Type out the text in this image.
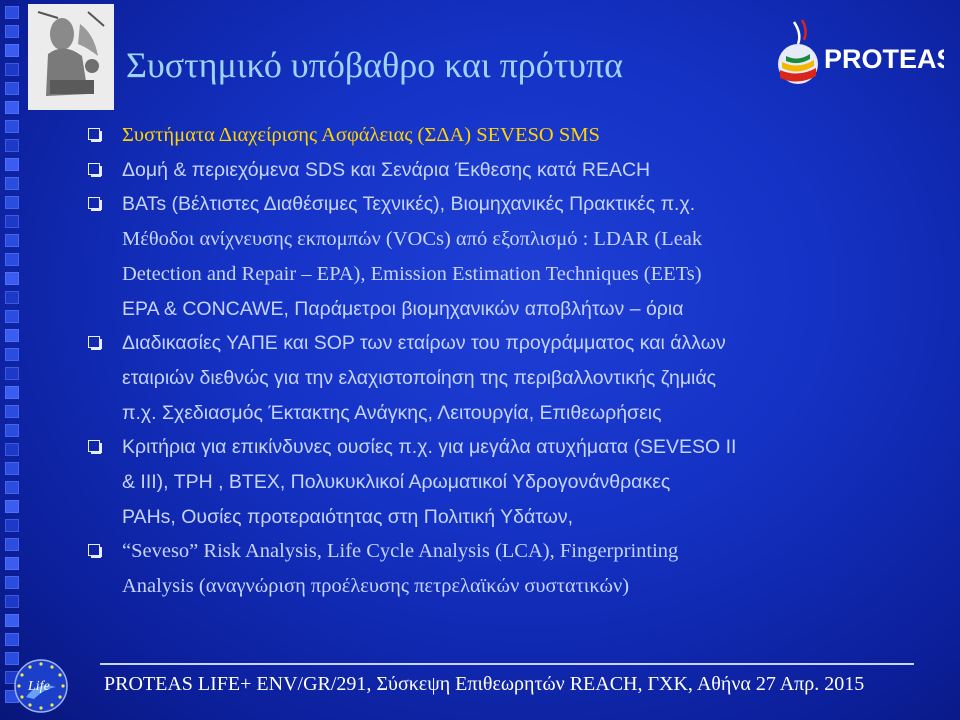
Συστημικό υπόβαθρο και πρότυπα	PROTEAS
Συστήματα Διαχείρισης Ασφάλειας (ΣΔΑ) SEVESO SMS
Δομή & περιεχόμενα SDS και Σενάρια Έκθεσης κατά REACH
BATs (Βέλτιστες Διαθέσιμες Τεχνικές), Βιομηχανικές Πρακτικές π.χ.
Μέθοδοι ανίχνευσης εκπομπών (VOCs) από εξοπλισμό : LDAR (Leak
Detection and Repair – EPA), Emission Estimation Techniques (EETs)
EPA & CONCAWE, Παράμετροι βιομηχανικών αποβλήτων – όρια
Διαδικασίες ΥΑΠΕ και SOP των εταίρων του προγράμματος και άλλων
εταιριών διεθνώς για την ελαχιστοποίηση της περιβαλλοντικής ζημιάς
π.χ. Σχεδιασμός Έκτακτης Ανάγκης, Λειτουργία, Επιθεωρήσεις
Κριτήρια για επικίνδυνες ουσίες π.χ. για μεγάλα ατυχήματα (SEVESO II
& III), TPH , BTEX, Πολυκυκλικοί Αρωματικοί Υδρογονάνθρακες
PAHs, Ουσίες προτεραιότητας στη Πολιτική Υδάτων,
“Seveso” Risk Analysis, Life Cycle Analysis (LCA), Fingerprinting
Analysis (αναγνώριση προέλευσης πετρελαϊκών συστατικών)
Life	PROTEAS LIFE+ ENV/GR/291, Σύσκεψη Επιθεωρητών REACH, ΓΧΚ, Αθήνα 27 Απρ. 2015
